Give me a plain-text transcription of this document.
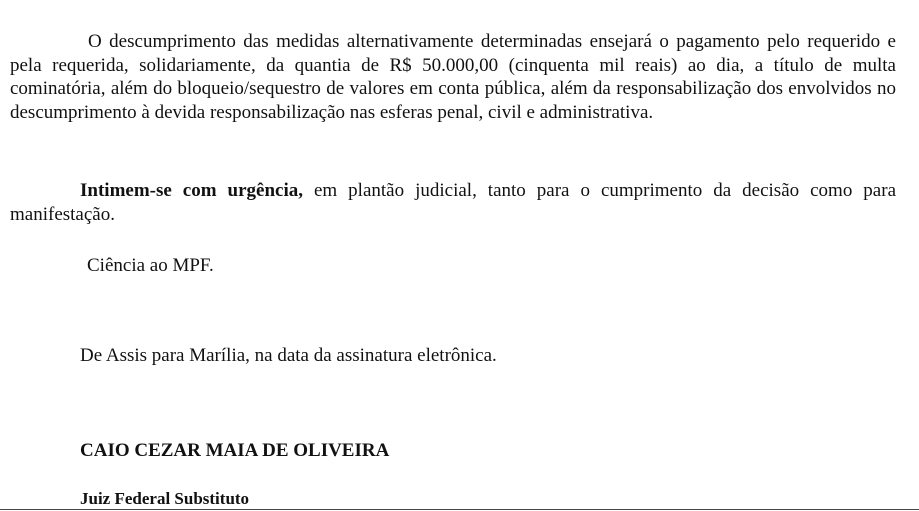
O descumprimento das medidas alternativamente determinadas ensejará o pagamento pelo requerido e pela requerida, solidariamente, da quantia de R$ 50.000,00 (cinquenta mil reais) ao dia, a título de multa cominatória, além do bloqueio/sequestro de valores em conta pública, além da responsabilização dos envolvidos no descumprimento à devida responsabilização nas esferas penal, civil e administrativa.

Intimem-se com urgência, em plantão judicial, tanto para o cumprimento da decisão como para manifestação.

Ciência ao MPF.

De Assis para Marília, na data da assinatura eletrônica.

CAIO CEZAR MAIA DE OLIVEIRA

Juiz Federal Substituto
